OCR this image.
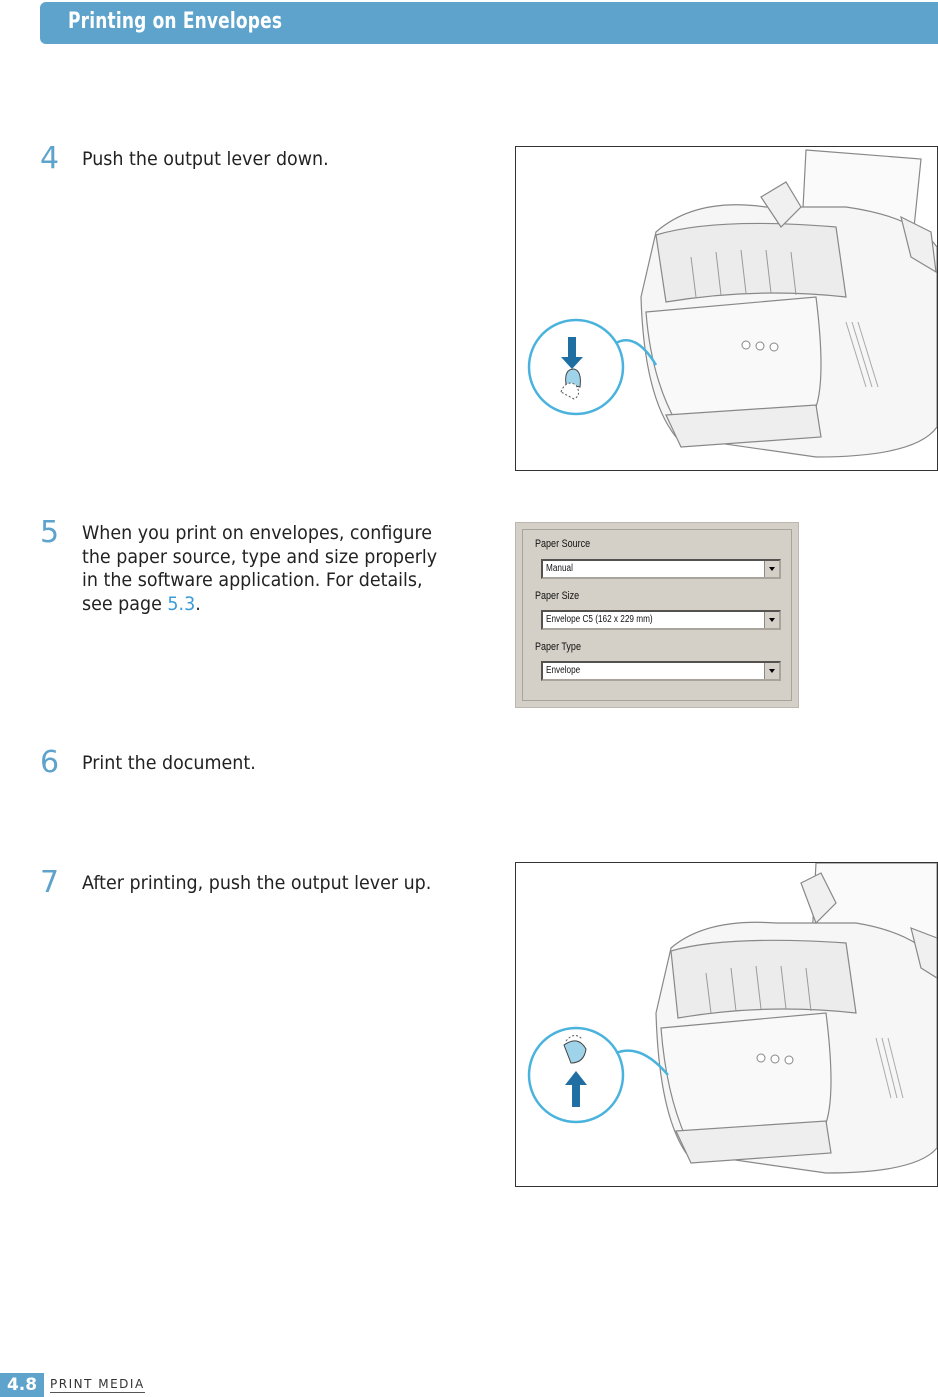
Printing on Envelopes
4 Push the output lever down.
5 When you print on envelopes, configure the paper source, type and size properly in the software application. For details, see page 5.3.
Paper Source
Manual
Paper Size
Envelope C5 (162 x 229 mm)
Paper Type
Envelope
6 Print the document.
7 After printing, push the output lever up.
4.8	PRINT MEDIA
